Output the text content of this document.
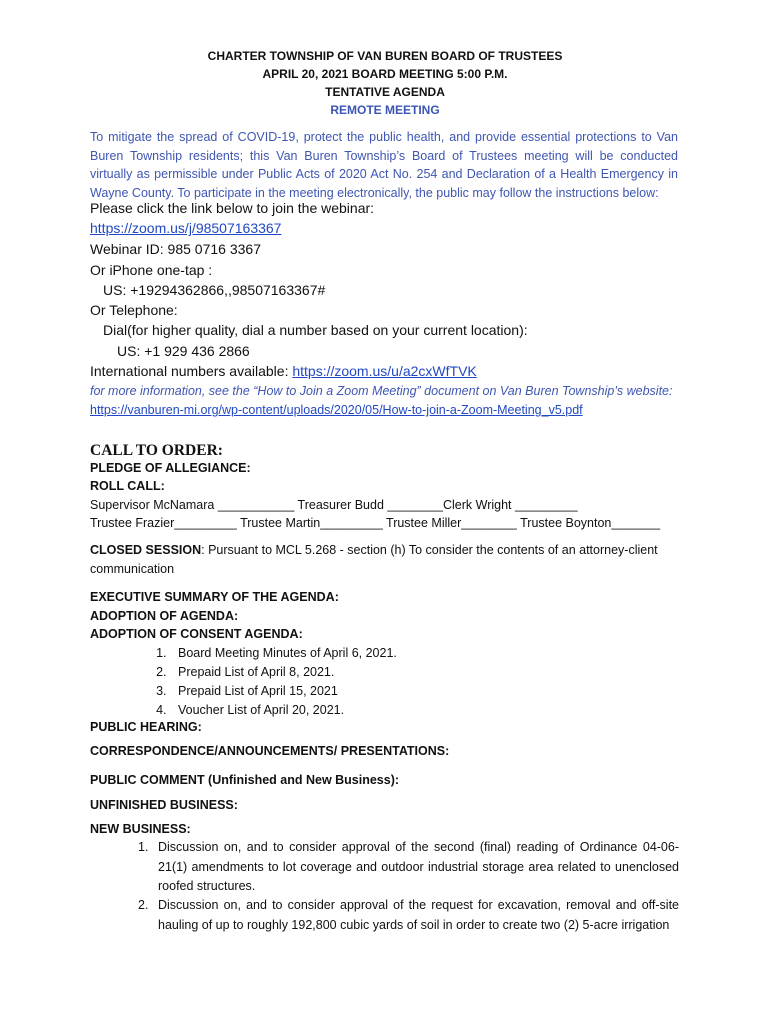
CHARTER TOWNSHIP OF VAN BUREN BOARD OF TRUSTEES
APRIL 20, 2021 BOARD MEETING 5:00 P.M.
TENTATIVE AGENDA
REMOTE MEETING
To mitigate the spread of COVID-19, protect the public health, and provide essential protections to Van Buren Township residents; this Van Buren Township’s Board of Trustees meeting will be conducted virtually as permissible under Public Acts of 2020 Act No. 254 and Declaration of a Health Emergency in Wayne County. To participate in the meeting electronically, the public may follow the instructions below:
Please click the link below to join the webinar:
https://zoom.us/j/98507163367
Webinar ID: 985 0716 3367
Or iPhone one-tap :
US: +19294362866,,98507163367#
Or Telephone:
Dial(for higher quality, dial a number based on your current location):
US: +1 929 436 2866
International numbers available: https://zoom.us/u/a2cxWfTVK
for more information, see the “How to Join a Zoom Meeting” document on Van Buren Township’s website:
https://vanburen-mi.org/wp-content/uploads/2020/05/How-to-join-a-Zoom-Meeting_v5.pdf
CALL TO ORDER:
PLEDGE OF ALLEGIANCE:
ROLL CALL:
Supervisor McNamara ___________ Treasurer Budd ________Clerk Wright _________
Trustee Frazier_________ Trustee Martin_________ Trustee Miller________ Trustee Boynton_______
CLOSED SESSION: Pursuant to MCL 5.268 - section (h) To consider the contents of an attorney-client communication
EXECUTIVE SUMMARY OF THE AGENDA:
ADOPTION OF AGENDA:
ADOPTION OF CONSENT AGENDA:
1. Board Meeting Minutes of April 6, 2021.
2. Prepaid List of April 8, 2021.
3. Prepaid List of April 15, 2021
4. Voucher List of April 20, 2021.
PUBLIC HEARING:
CORRESPONDENCE/ANNOUNCEMENTS/ PRESENTATIONS:
PUBLIC COMMENT (Unfinished and New Business):
UNFINISHED BUSINESS:
NEW BUSINESS:
1. Discussion on, and to consider approval of the second (final) reading of Ordinance 04-06-21(1) amendments to lot coverage and outdoor industrial storage area related to unenclosed roofed structures.
2. Discussion on, and to consider approval of the request for excavation, removal and off-site hauling of up to roughly 192,800 cubic yards of soil in order to create two (2) 5-acre irrigation
